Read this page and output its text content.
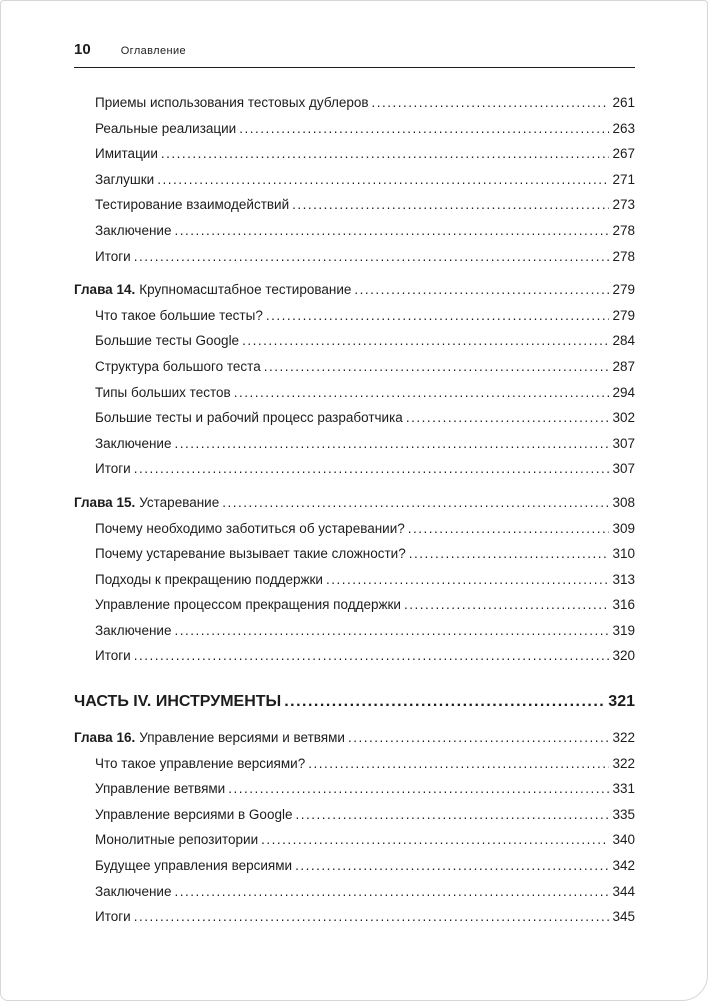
10	Оглавление
Приемы использования тестовых дублеров .....	261
Реальные реализации .....	263
Имитации .....	267
Заглушки .....	271
Тестирование взаимодействий .....	273
Заключение .....	278
Итоги .....	278
Глава 14. Крупномасштабное тестирование .....	279
Что такое большие тесты? .....	279
Большие тесты Google .....	284
Структура большого теста .....	287
Типы больших тестов .....	294
Большие тесты и рабочий процесс разработчика .....	302
Заключение .....	307
Итоги .....	307
Глава 15. Устаревание .....	308
Почему необходимо заботиться об устаревании? .....	309
Почему устаревание вызывает такие сложности? .....	310
Подходы к прекращению поддержки .....	313
Управление процессом прекращения поддержки .....	316
Заключение .....	319
Итоги .....	320
ЧАСТЬ IV. ИНСТРУМЕНТЫ .....	321
Глава 16. Управление версиями и ветвями .....	322
Что такое управление версиями? .....	322
Управление ветвями .....	331
Управление версиями в Google .....	335
Монолитные репозитории .....	340
Будущее управления версиями .....	342
Заключение .....	344
Итоги .....	345
